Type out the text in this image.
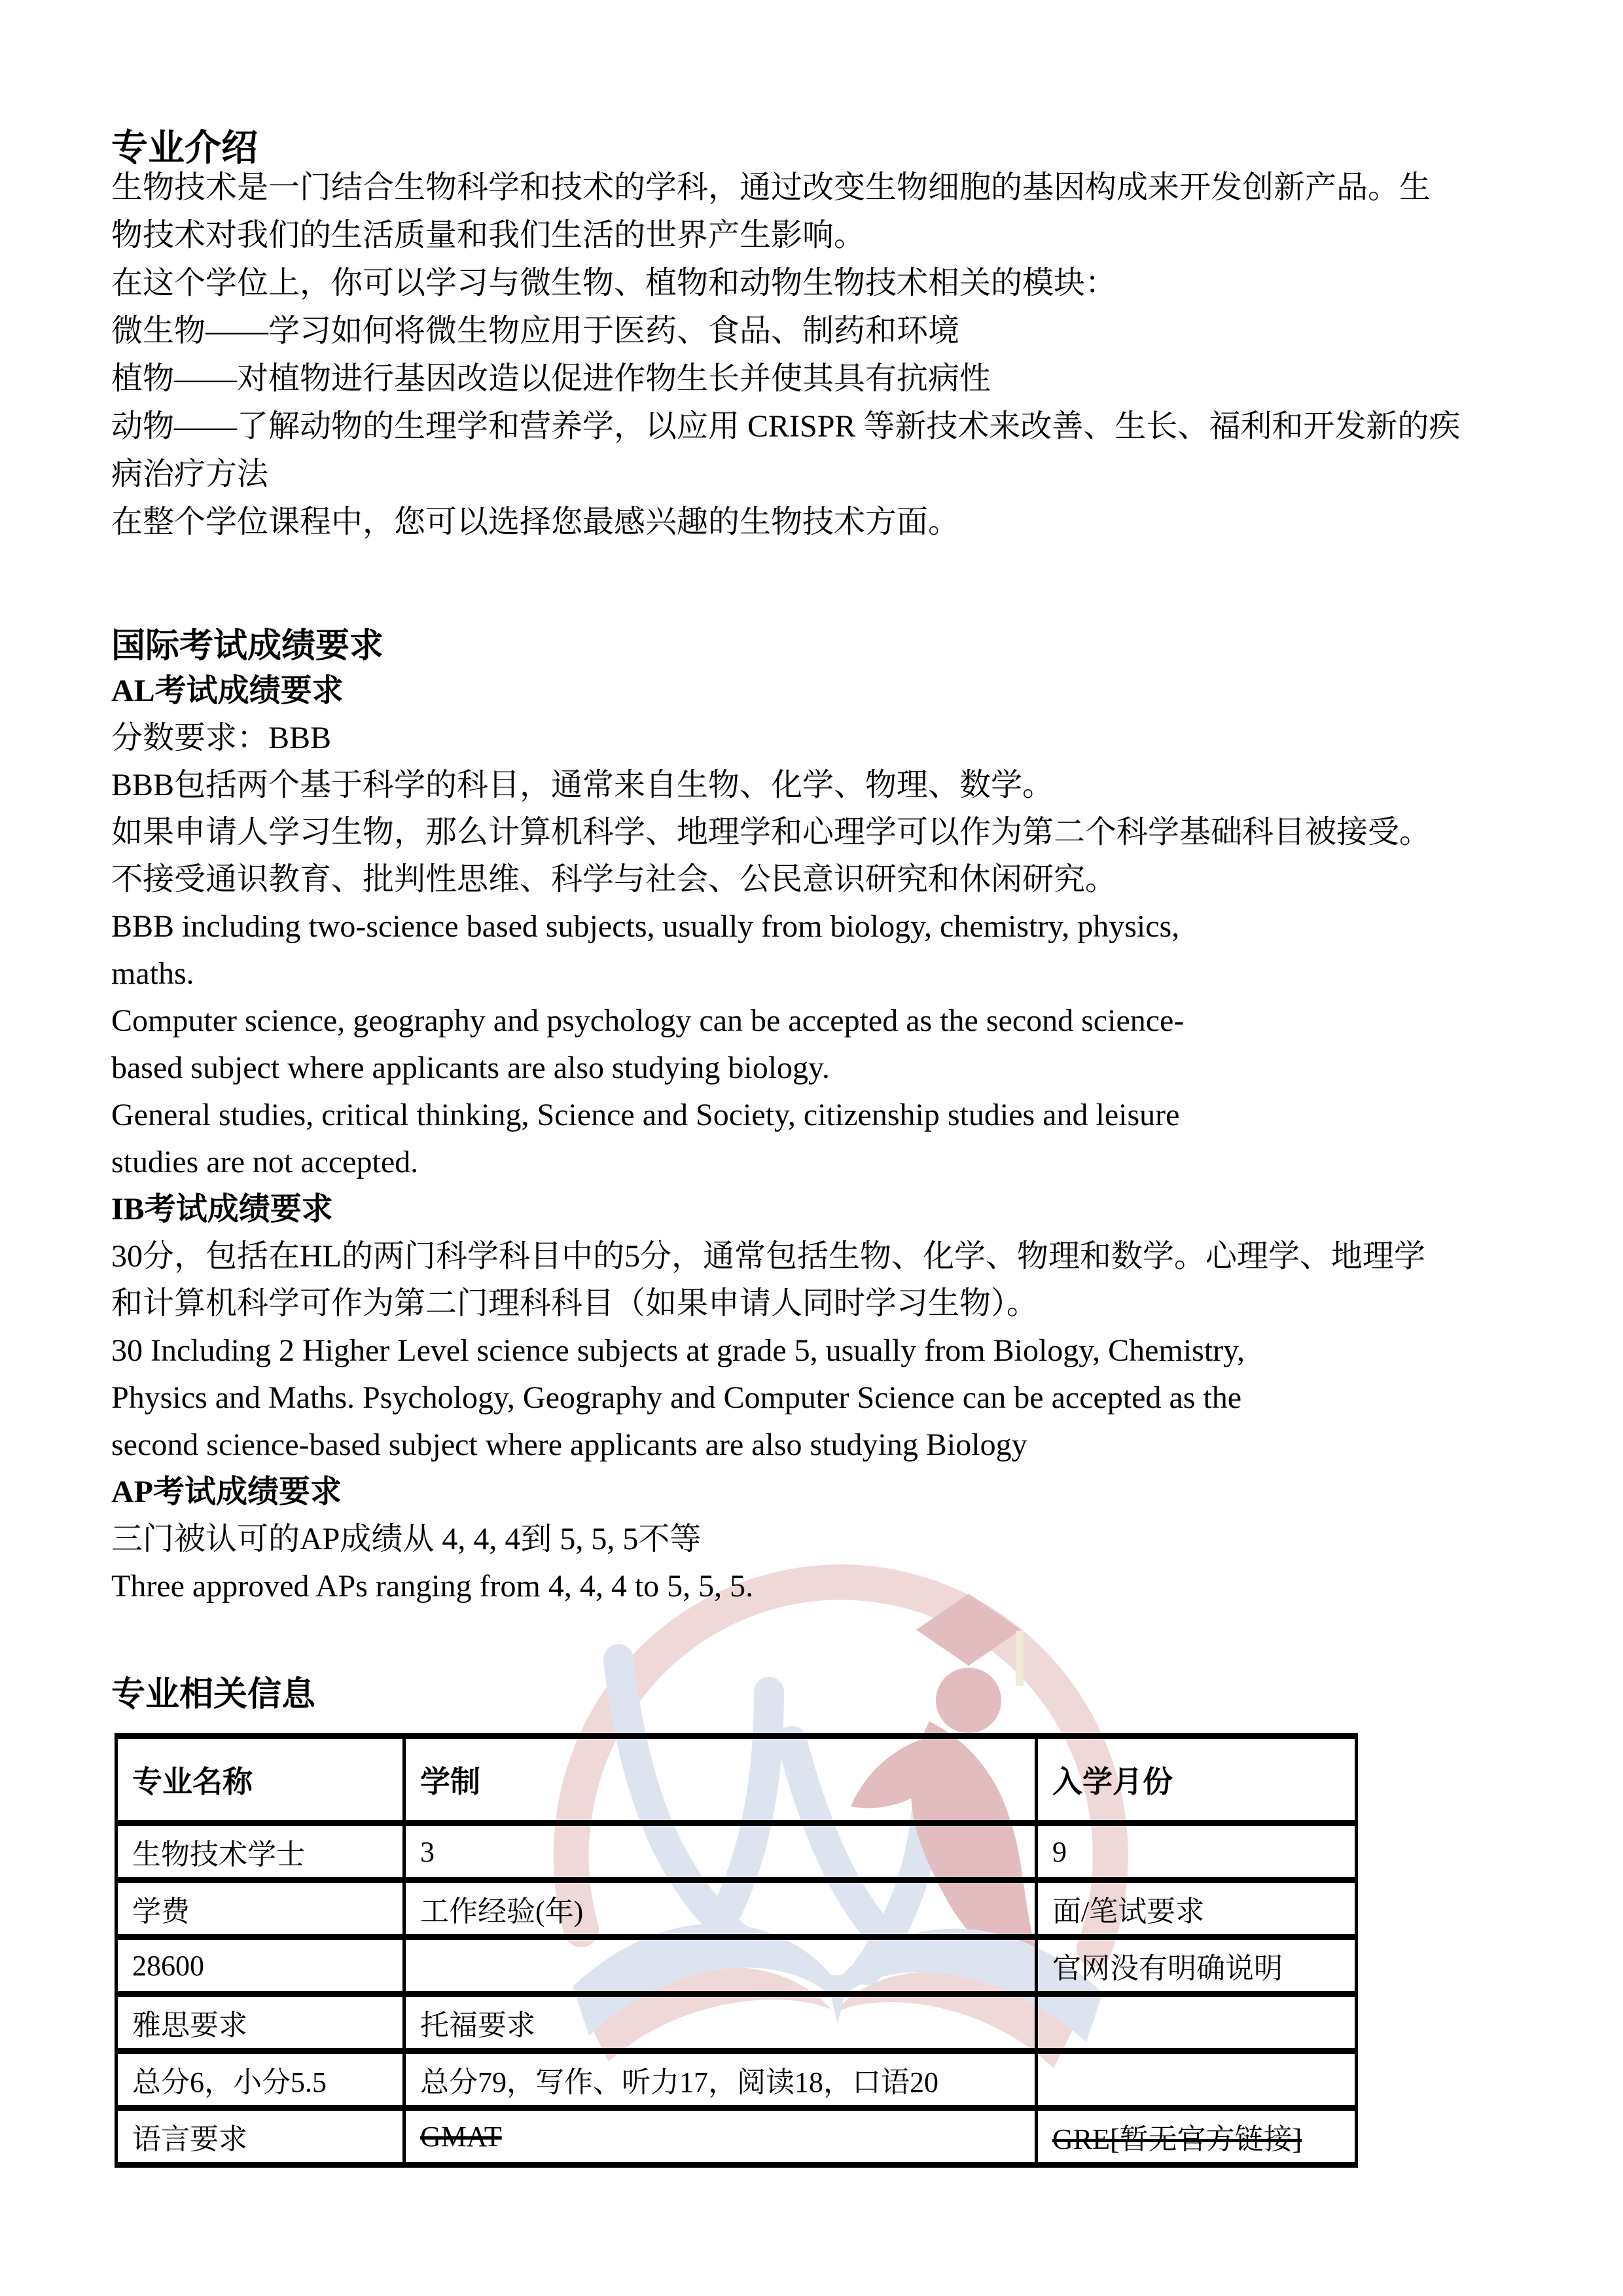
专业介绍
生物技术是一门结合生物科学和技术的学科，通过改变生物细胞的基因构成来开发创新产品。生
物技术对我们的生活质量和我们生活的世界产生影响。
在这个学位上，你可以学习与微生物、植物和动物生物技术相关的模块：
微生物——学习如何将微生物应用于医药、食品、制药和环境
植物——对植物进行基因改造以促进作物生长并使其具有抗病性
动物——了解动物的生理学和营养学，以应用 CRISPR 等新技术来改善、生长、福利和开发新的疾
病治疗方法
在整个学位课程中，您可以选择您最感兴趣的生物技术方面。
国际考试成绩要求
AL考试成绩要求
分数要求：BBB
BBB包括两个基于科学的科目，通常来自生物、化学、物理、数学。
如果申请人学习生物，那么计算机科学、地理学和心理学可以作为第二个科学基础科目被接受。
不接受通识教育、批判性思维、科学与社会、公民意识研究和休闲研究。
BBB including two-science based subjects, usually from biology, chemistry, physics,
maths.
Computer science, geography and psychology can be accepted as the second science-
based subject where applicants are also studying biology.
General studies, critical thinking, Science and Society, citizenship studies and leisure
studies are not accepted.
IB考试成绩要求
30分，包括在HL的两门科学科目中的5分，通常包括生物、化学、物理和数学。心理学、地理学
和计算机科学可作为第二门理科科目（如果申请人同时学习生物）。
30 Including 2 Higher Level science subjects at grade 5, usually from Biology, Chemistry,
Physics and Maths. Psychology, Geography and Computer Science can be accepted as the
second science-based subject where applicants are also studying Biology
AP考试成绩要求
三门被认可的AP成绩从 4, 4, 4到 5, 5, 5不等
Three approved APs ranging from 4, 4, 4 to 5, 5, 5.
专业相关信息
专业名称	学制	入学月份
生物技术学士	3	9
学费	工作经验(年)	面/笔试要求
28600		官网没有明确说明
雅思要求	托福要求	
总分6，小分5.5	总分79，写作、听力17，阅读18，口语20	
语言要求	GMAT	GRE[暂无官方链接]
